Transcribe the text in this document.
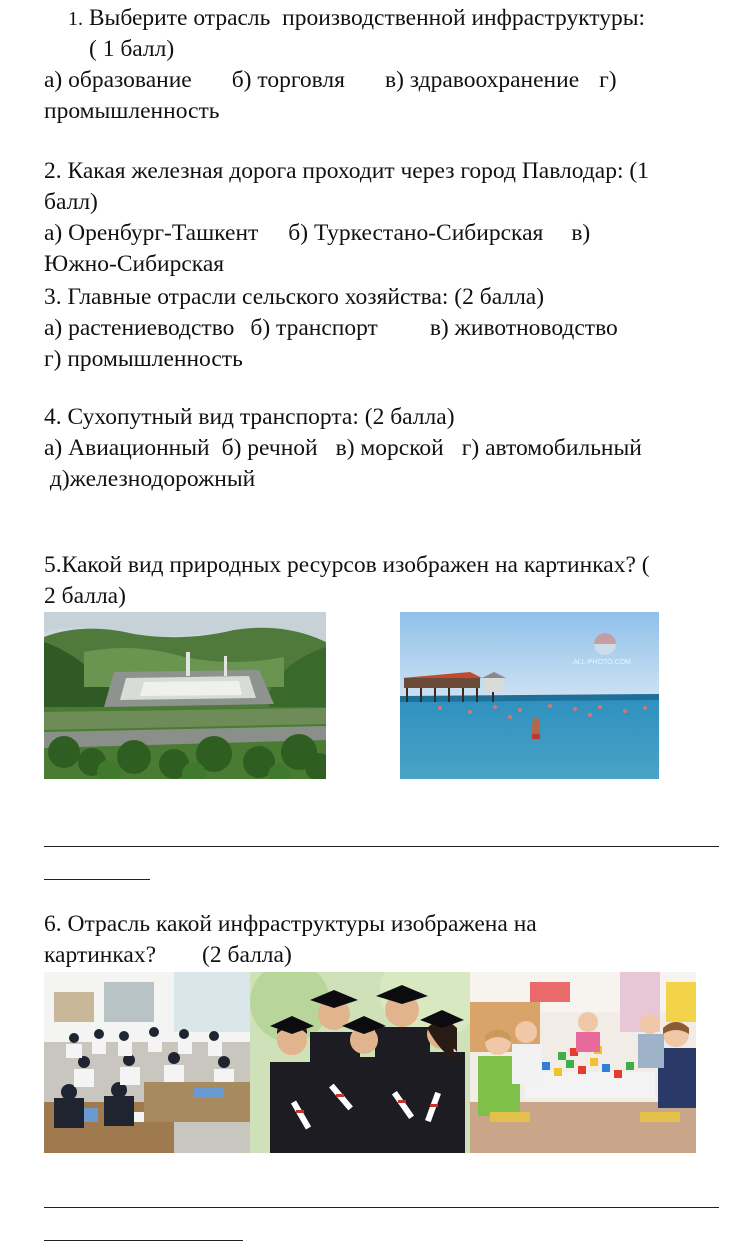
1. Выберите отрасль  производственной инфраструктуры:
( 1 балл)
а) образование б) торговля в) здравоохранение г)
промышленность
2. Какая железная дорога проходит через город Павлодар: (1
балл)
а) Оренбург-Ташкент б) Туркестано-Сибирская в)
Южно-Сибирская
3. Главные отрасли сельского хозяйства: (2 балла)
а) растениеводство б) транспорт в) животноводство
г) промышленность
4. Сухопутный вид транспорта: (2 балла)
а) Авиационный б) речной в) морской г) автомобильный
д)железнодорожный
5.Какой вид природных ресурсов изображен на картинках? (
2 балла)
ALL-PHOTO.COM
6. Отрасль какой инфраструктуры изображена на
картинках? (2 балла)
